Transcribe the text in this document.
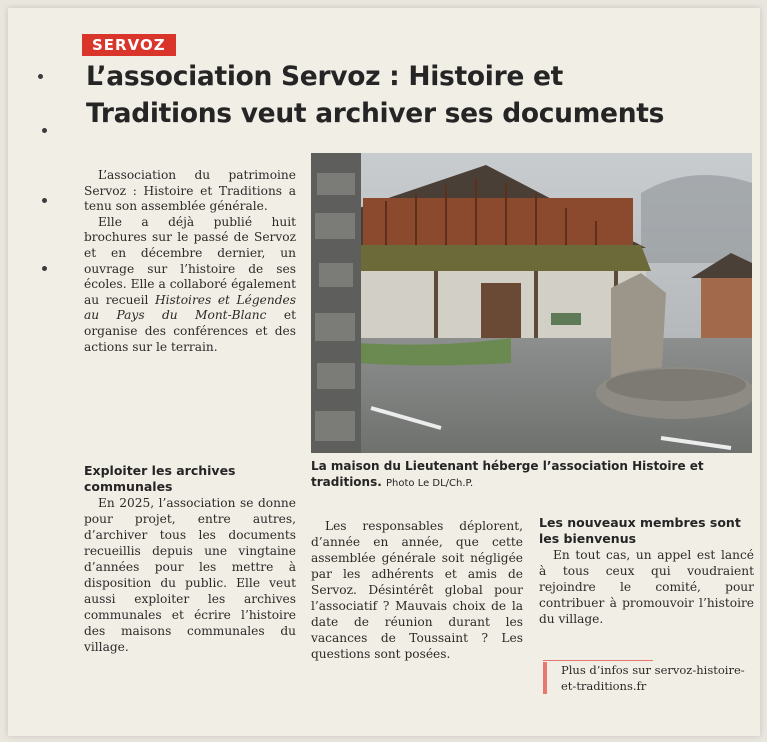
SERVOZ
L’association Servoz : Histoire et
Traditions veut archiver ses documents

L’association du patrimoine Servoz : Histoire et Traditions a tenu son assemblée générale.

Elle a déjà publié huit brochures sur le passé de Servoz et en décembre dernier, un ouvrage sur l’histoire de ses écoles. Elle a collaboré également au recueil Histoires et Légendes au Pays du Mont-Blanc et organise des conférences et des actions sur le terrain.

La maison du Lieutenant héberge l’association Histoire et traditions. Photo Le DL/Ch.P.
Exploiter les archives communales

En 2025, l’association se donne pour projet, entre autres, d’archiver tous les documents recueillis depuis une vingtaine d’années pour les mettre à disposition du public. Elle veut aussi exploiter les archives communales et écrire l’histoire des maisons communales du village.

Les responsables déplorent, d’année en année, que cette assemblée générale soit négligée par les adhérents et amis de Servoz. Désintérêt global pour l’associatif ? Mauvais choix de la date de réunion durant les vacances de Toussaint ? Les questions sont posées.

Les nouveaux membres sont les bienvenus

En tout cas, un appel est lancé à tous ceux qui voudraient rejoindre le comité, pour contribuer à promouvoir l’histoire du village.

Plus d’infos sur servoz-histoire-et-traditions.fr
